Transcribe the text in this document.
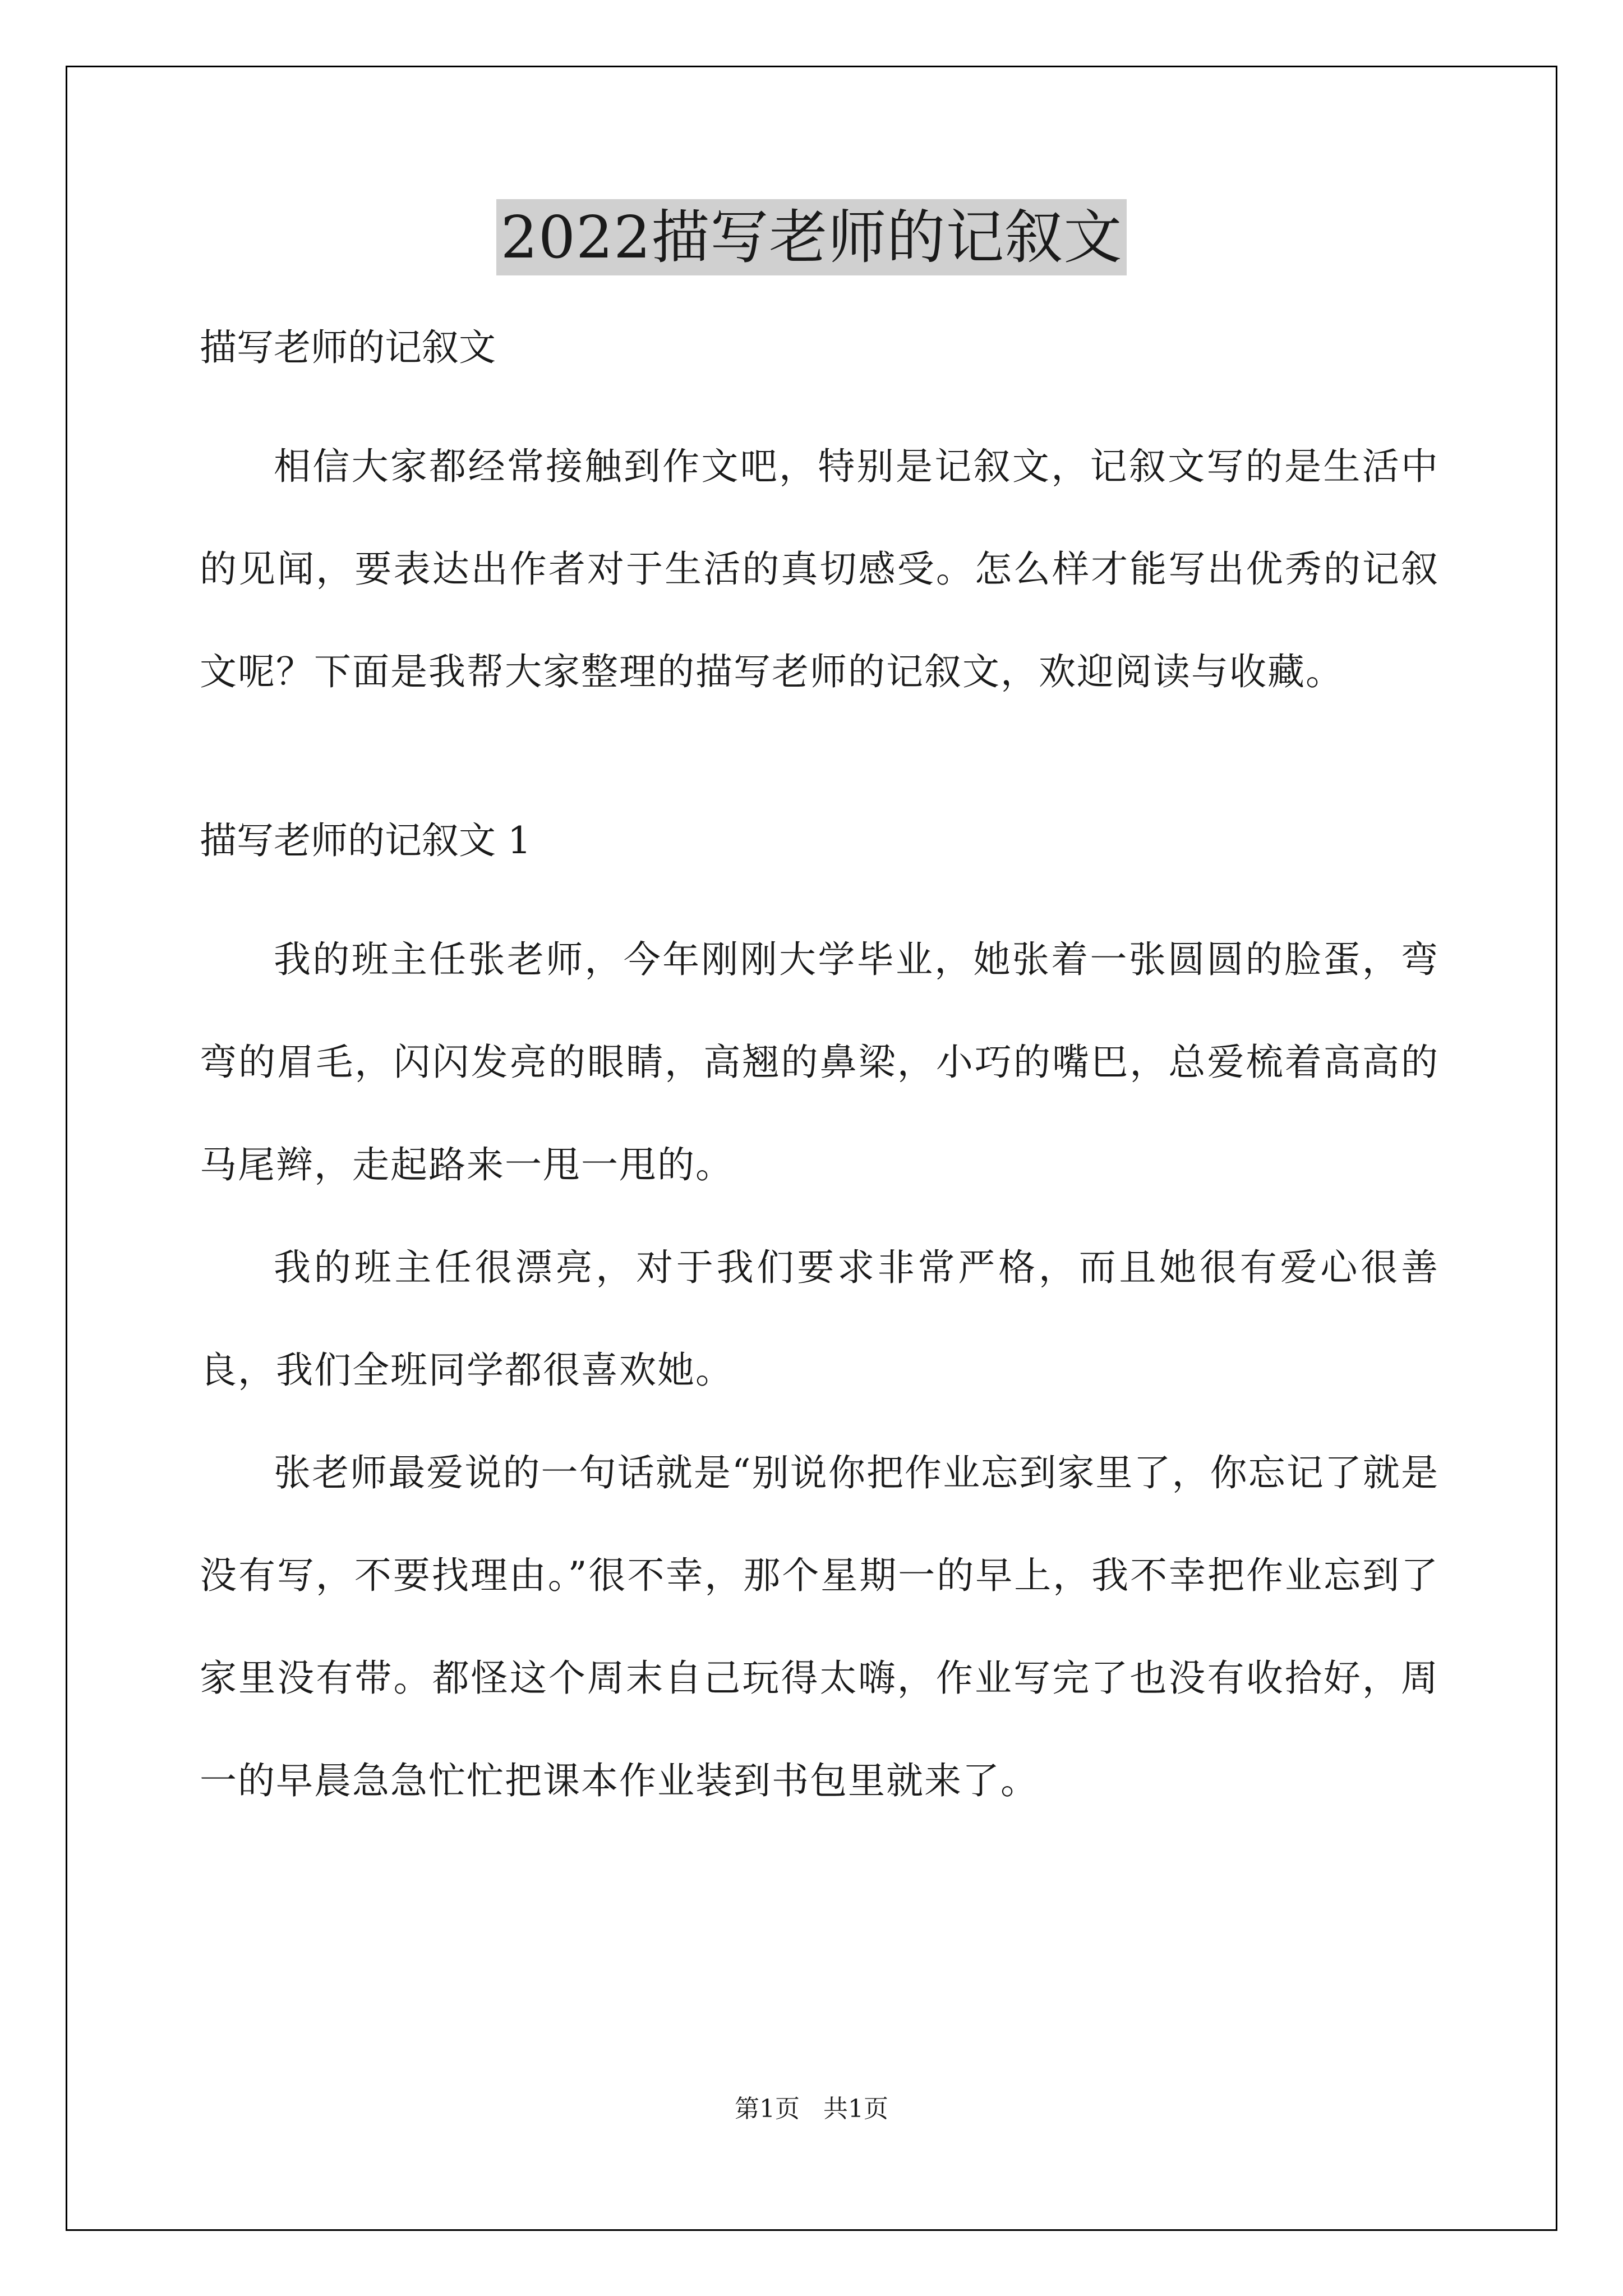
2022描写老师的记叙文

描写老师的记叙文

相信大家都经常接触到作文吧，特别是记叙文，记叙文写的是生活中的见闻，要表达出作者对于生活的真切感受。怎么样才能写出优秀的记叙文呢？下面是我帮大家整理的描写老师的记叙文，欢迎阅读与收藏。

描写老师的记叙文 1

我的班主任张老师，今年刚刚大学毕业，她张着一张圆圆的脸蛋，弯弯的眉毛，闪闪发亮的眼睛，高翘的鼻梁，小巧的嘴巴，总爱梳着高高的马尾辫，走起路来一甩一甩的。

我的班主任很漂亮，对于我们要求非常严格，而且她很有爱心很善良，我们全班同学都很喜欢她。

张老师最爱说的一句话就是“别说你把作业忘到家里了，你忘记了就是没有写，不要找理由。”很不幸，那个星期一的早上，我不幸把作业忘到了家里没有带。都怪这个周末自己玩得太嗨，作业写完了也没有收拾好，周一的早晨急急忙忙把课本作业装到书包里就来了。

第1页 共1页
